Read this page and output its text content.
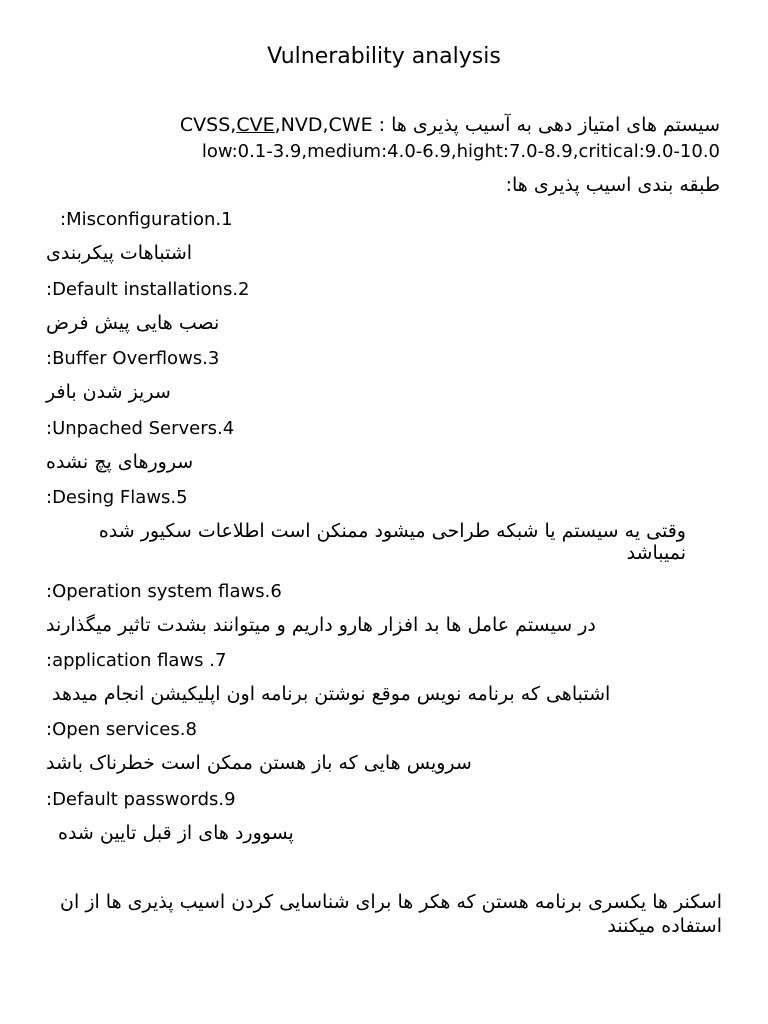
Vulnerability analysis
سیستم های امتیاز دهی به آسیب پذیری ها : CVSS,CVE,NVD,CWE
low:0.1-3.9,medium:4.0-6.9,hight:7.0-8.9,critical:9.0-10.0
طبقه بندی اسیب پذیری ها:
:Misconfiguration.1
اشتباهات پیکربندی
:Default installations.2
نصب هایی پیش فرض
:Buffer Overflows.3
سریز شدن بافر
:Unpached Servers.4
سرورهای پچ نشده
:Desing Flaws.5
وقتی یه سیستم یا شبکه طراحی میشود ممنکن است اطلاعات سکیور شده نمیباشد
:Operation system flaws.6
در سیستم عامل ها بد افزار هارو داریم و میتوانند بشدت تاثیر میگذارند
:application flaws .7
اشتباهی که برنامه نویس موقع نوشتن برنامه اون اپلیکیشن انجام میدهد
:Open services.8
سرویس هایی که باز هستن ممکن است خطرناک باشد
:Default passwords.9
پسوورد های از قبل تایین شده
اسکنر ها یکسری برنامه هستن که هکر ها برای شناسایی کردن اسیب پذیری ها از ان استفاده میکنند
